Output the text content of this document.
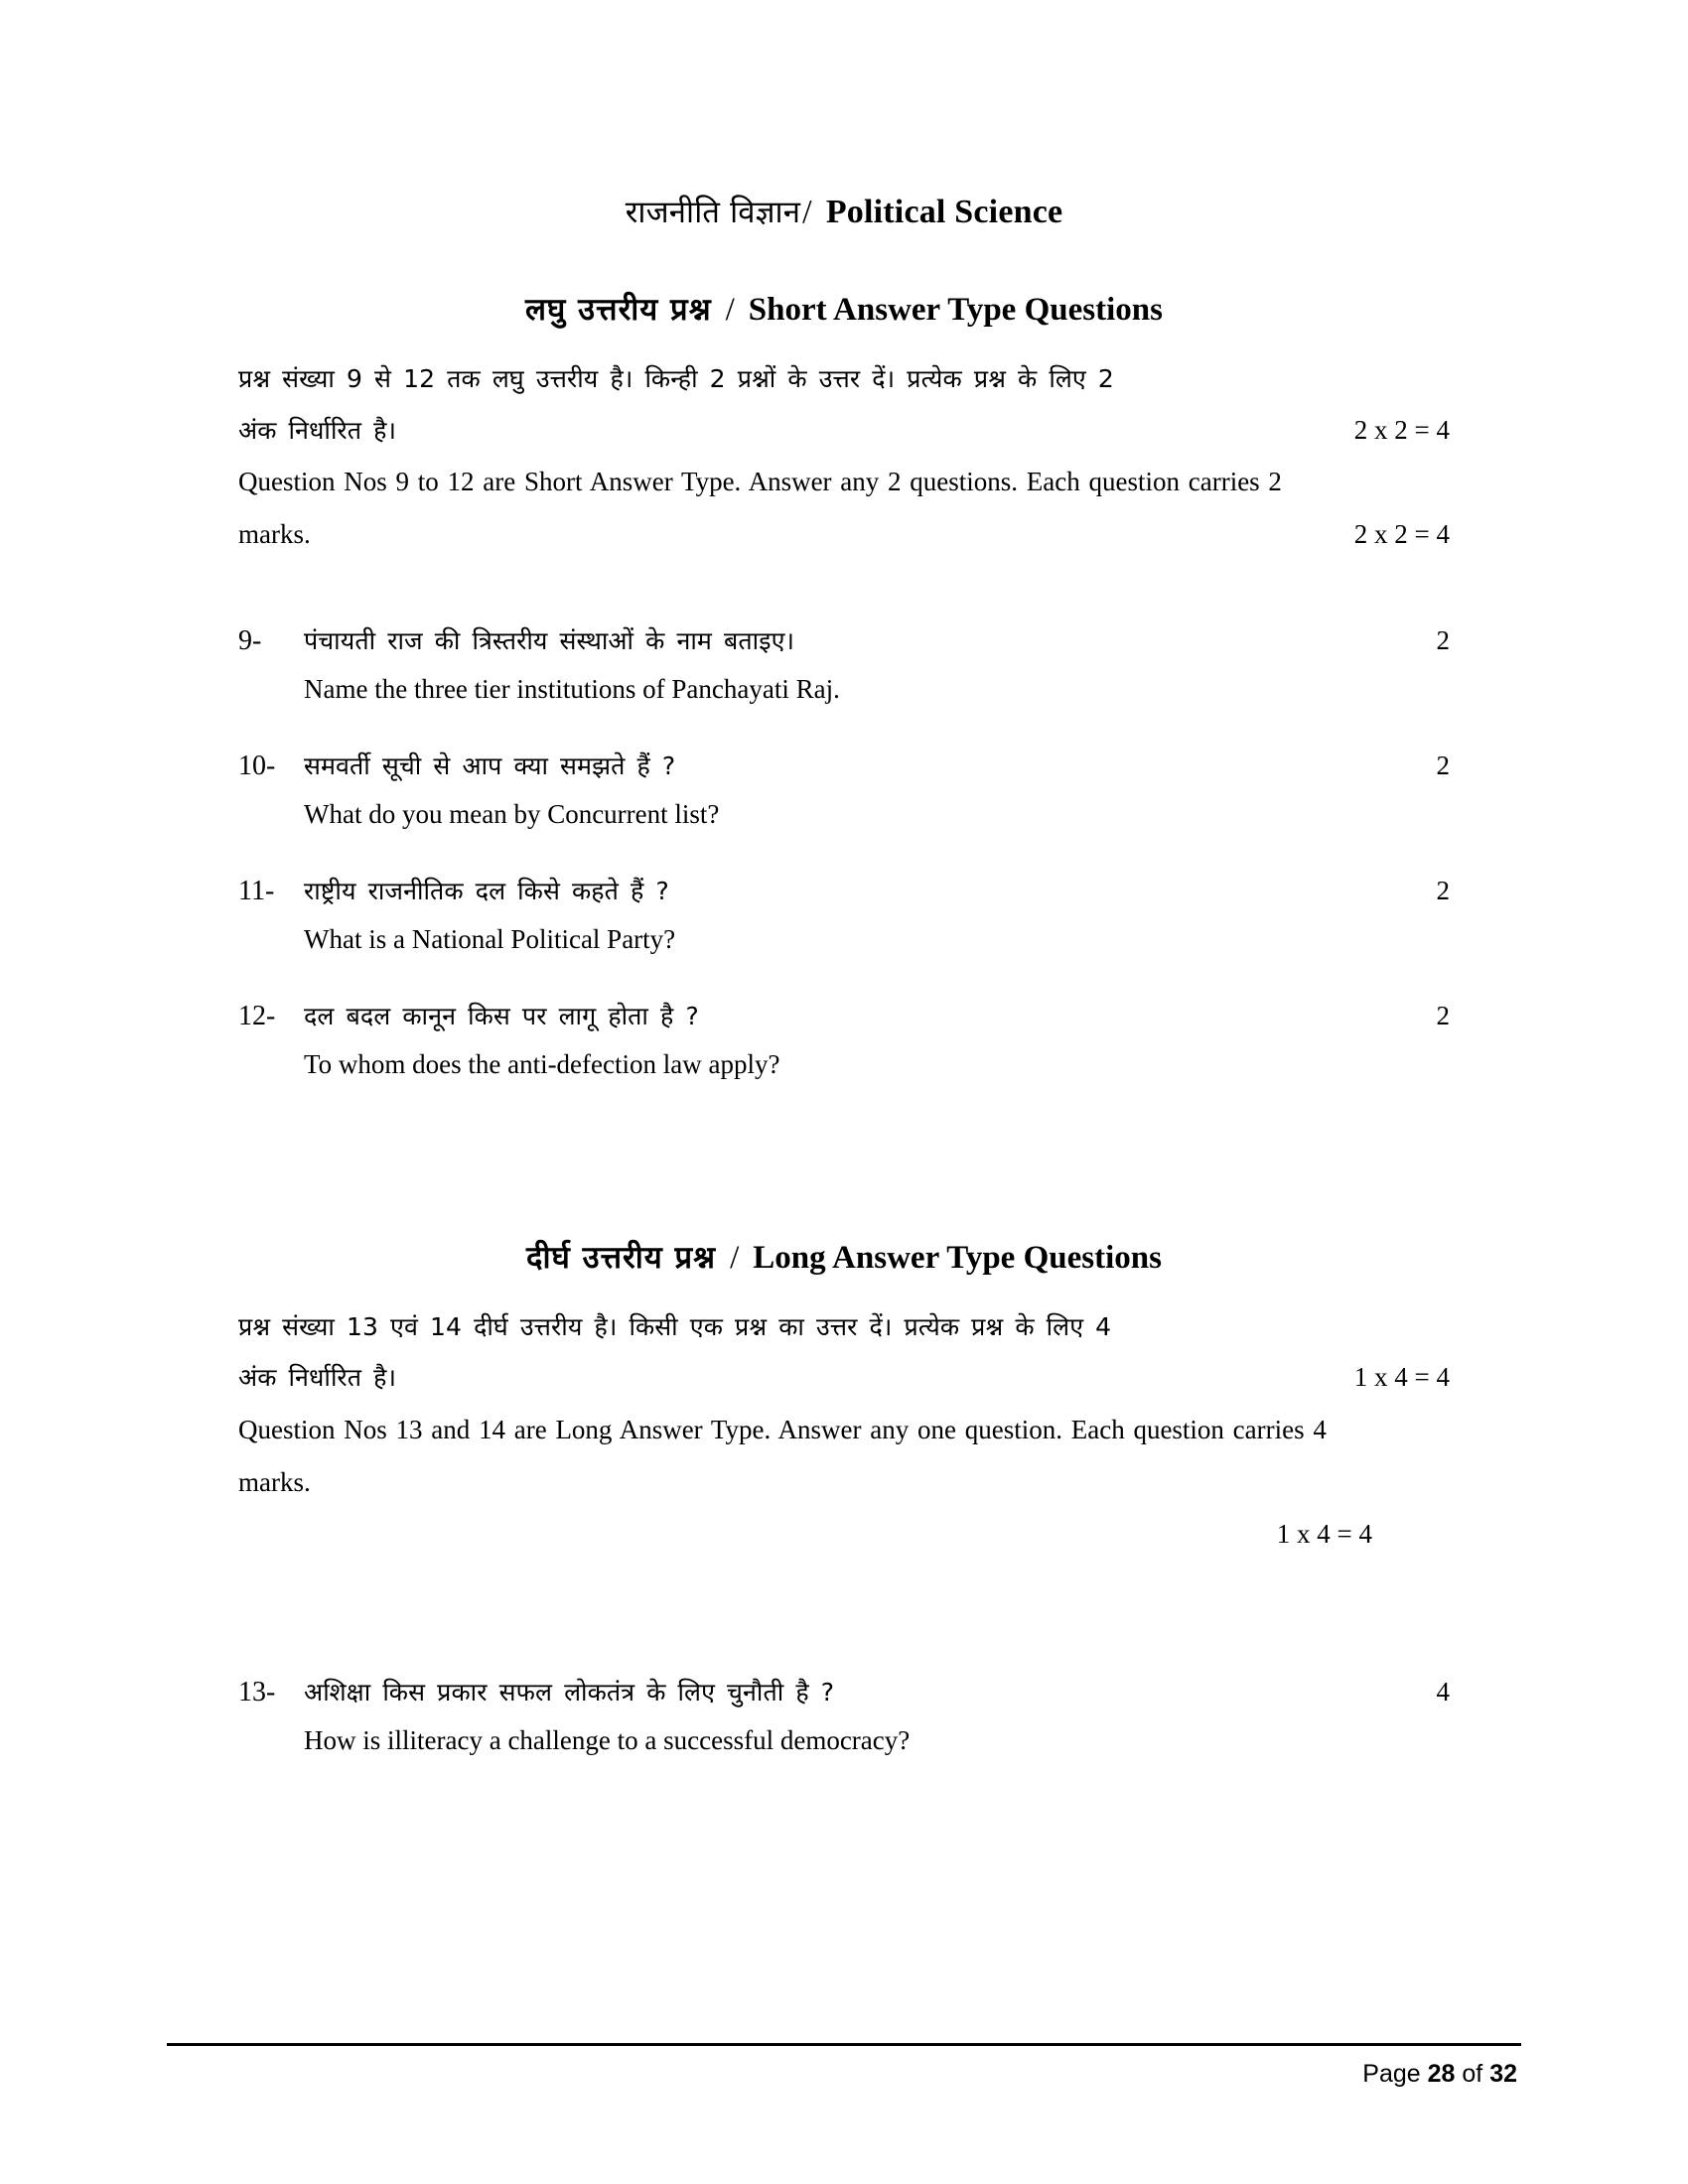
राजनीति विज्ञान/ Political Science
लघु उत्तरीय प्रश्न / Short Answer Type Questions
प्रश्न संख्या 9 से 12 तक लघु उत्तरीय है। किन्ही 2 प्रश्नों के उत्तर दें। प्रत्येक प्रश्न के लिए 2
अंक निर्धारित है।	2 x 2 = 4
Question Nos 9 to 12 are Short Answer Type. Answer any 2 questions. Each question carries 2
marks.	2 x 2 = 4
9-	पंचायती राज की त्रिस्तरीय संस्थाओं के नाम बताइए।	2
Name the three tier institutions of Panchayati Raj.
10-	समवर्ती सूची से आप क्या समझते हैं ?	2
What do you mean by Concurrent list?
11-	राष्ट्रीय राजनीतिक दल किसे कहते हैं ?	2
What is a National Political Party?
12-	दल बदल कानून किस पर लागू होता है ?	2
To whom does the anti-defection law apply?
दीर्घ उत्तरीय प्रश्न / Long Answer Type Questions
प्रश्न संख्या 13 एवं 14 दीर्घ उत्तरीय है। किसी एक प्रश्न का उत्तर दें। प्रत्येक प्रश्न के लिए 4
अंक निर्धारित है।	1 x 4 = 4
Question Nos 13 and 14 are Long Answer Type. Answer any one question. Each question carries 4
marks.
1 x 4 = 4
13-	अशिक्षा किस प्रकार सफल लोकतंत्र के लिए चुनौती है ?	4
How is illiteracy a challenge to a successful democracy?
Page 28 of 32
